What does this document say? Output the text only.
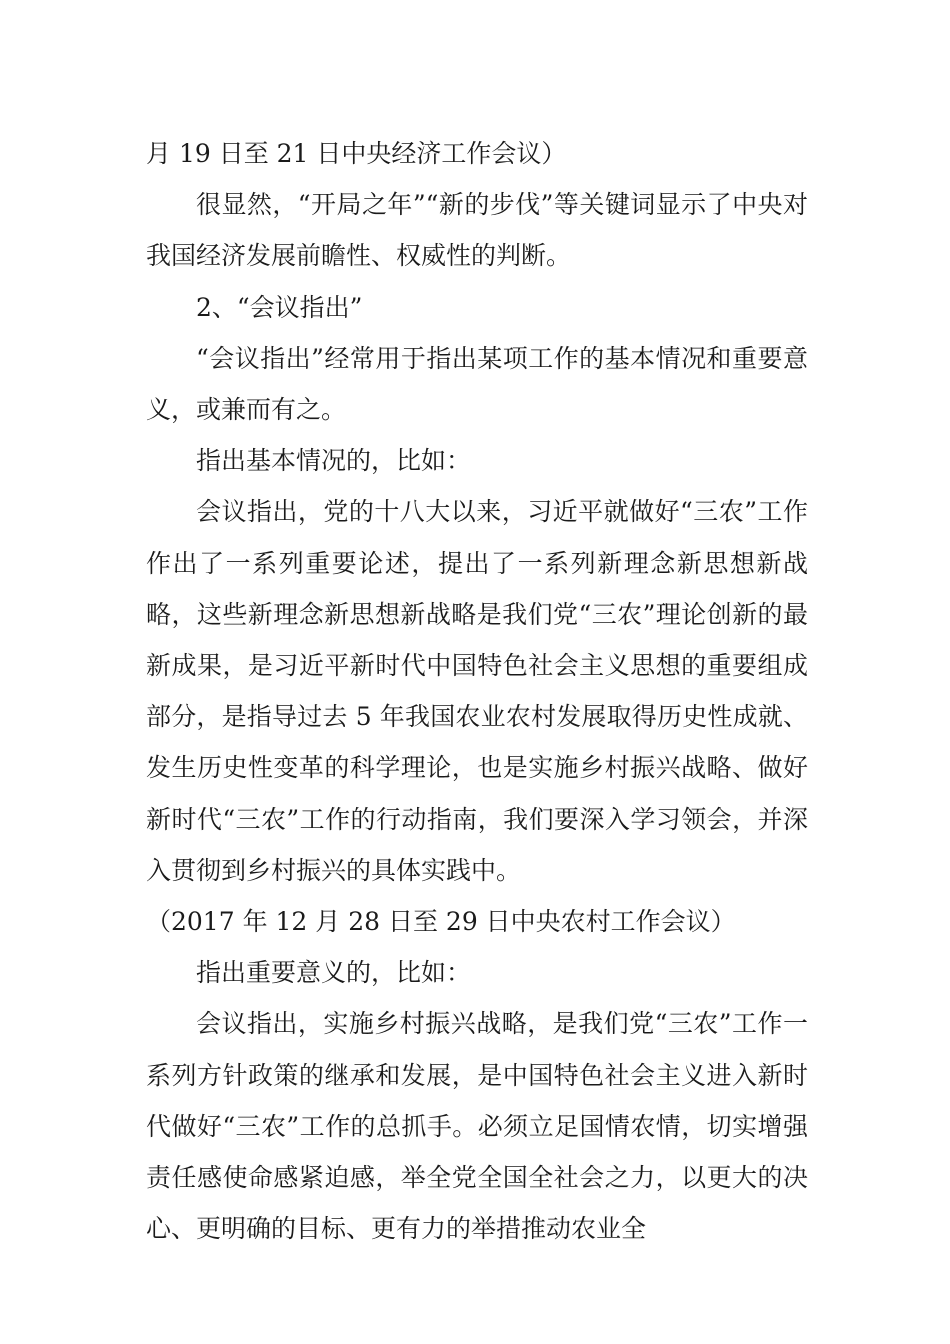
月 19 日至 21 日中央经济工作会议）

很显然，“开局之年”“新的步伐”等关键词显示了中央对我国经济发展前瞻性、权威性的判断。

2、“会议指出”

“会议指出”经常用于指出某项工作的基本情况和重要意义，或兼而有之。

指出基本情况的，比如：

会议指出，党的十八大以来，习近平就做好“三农”工作作出了一系列重要论述，提出了一系列新理念新思想新战略，这些新理念新思想新战略是我们党“三农”理论创新的最新成果，是习近平新时代中国特色社会主义思想的重要组成部分，是指导过去 5 年我国农业农村发展取得历史性成就、发生历史性变革的科学理论，也是实施乡村振兴战略、做好新时代“三农”工作的行动指南，我们要深入学习领会，并深入贯彻到乡村振兴的具体实践中。

（2017 年 12 月 28 日至 29 日中央农村工作会议）

指出重要意义的，比如：

会议指出，实施乡村振兴战略，是我们党“三农”工作一系列方针政策的继承和发展，是中国特色社会主义进入新时代做好“三农”工作的总抓手。必须立足国情农情，切实增强责任感使命感紧迫感，举全党全国全社会之力，以更大的决心、更明确的目标、更有力的举措推动农业全
